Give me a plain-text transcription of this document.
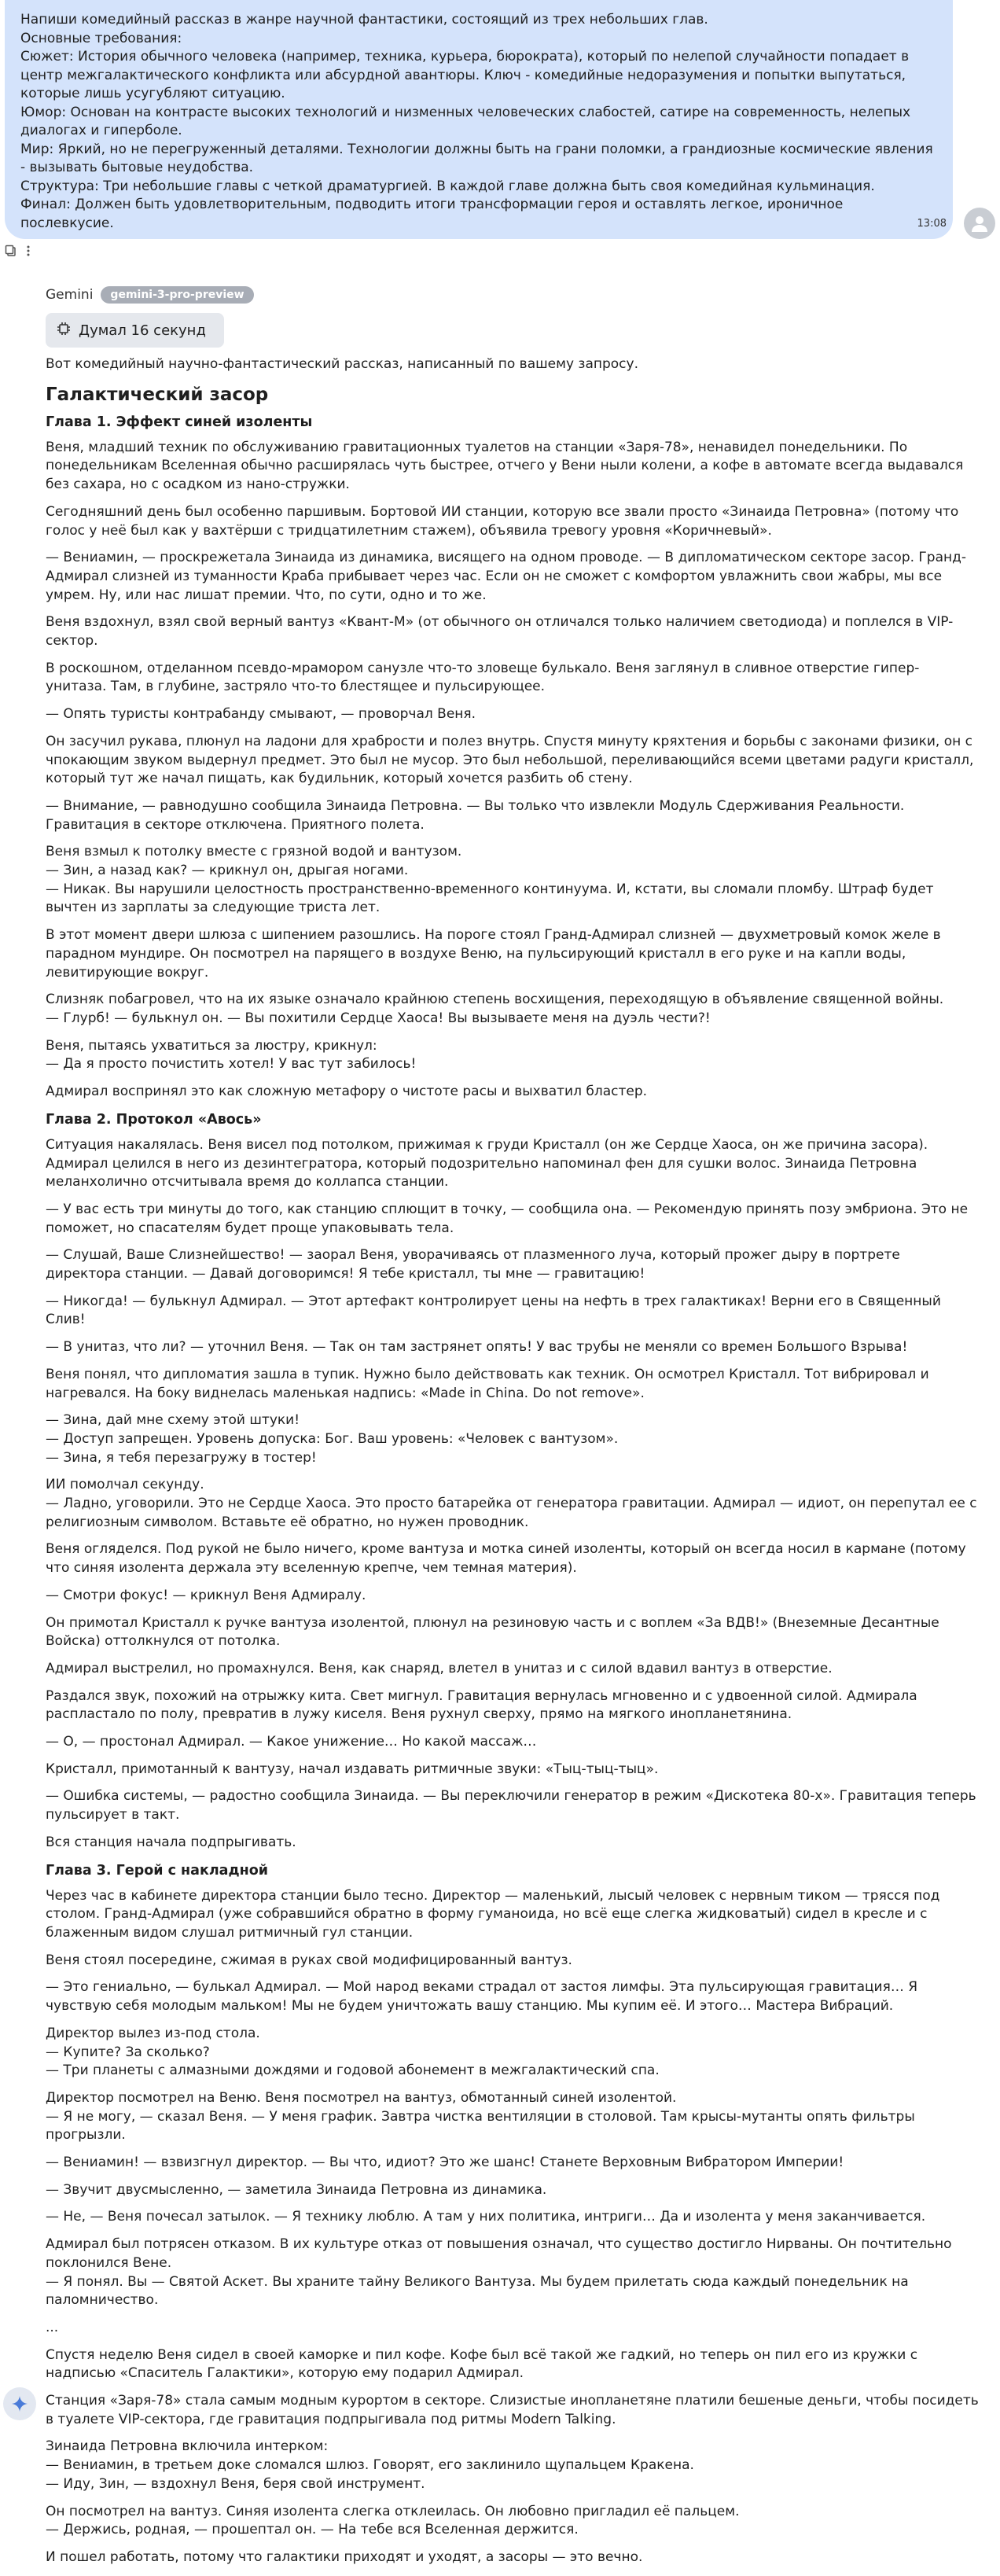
Напиши комедийный рассказ в жанре научной фантастики, состоящий из трех небольших глав.
Основные требования:
Сюжет: История обычного человека (например, техника, курьера, бюрократа), который по нелепой случайности попадает в центр межгалактического конфликта или абсурдной авантюры. Ключ - комедийные недоразумения и попытки выпутаться, которые лишь усугубляют ситуацию.
Юмор: Основан на контрасте высоких технологий и низменных человеческих слабостей, сатире на современность, нелепых диалогах и гиперболе.
Мир: Яркий, но не перегруженный деталями. Технологии должны быть на грани поломки, а грандиозные космические явления - вызывать бытовые неудобства.
Структура: Три небольшие главы с четкой драматургией. В каждой главе должна быть своя комедийная кульминация.
Финал: Должен быть удовлетворительным, подводить итоги трансформации героя и оставлять легкое, ироничное послевкусие.	13:08
Gemini	gemini-3-pro-preview
Думал 16 секунд

Вот комедийный научно-фантастический рассказ, написанный по вашему запросу.

Галактический засор
Глава 1. Эффект синей изоленты

Веня, младший техник по обслуживанию гравитационных туалетов на станции «Заря-78», ненавидел понедельники. По понедельникам Вселенная обычно расширялась чуть быстрее, отчего у Вени ныли колени, а кофе в автомате всегда выдавался без сахара, но с осадком из нано-стружки.

Сегодняшний день был особенно паршивым. Бортовой ИИ станции, которую все звали просто «Зинаида Петровна» (потому что голос у неё был как у вахтёрши с тридцатилетним стажем), объявила тревогу уровня «Коричневый».

— Вениамин, — проскрежетала Зинаида из динамика, висящего на одном проводе. — В дипломатическом секторе засор. Гранд-Адмирал слизней из туманности Краба прибывает через час. Если он не сможет с комфортом увлажнить свои жабры, мы все умрем. Ну, или нас лишат премии. Что, по сути, одно и то же.

Веня вздохнул, взял свой верный вантуз «Квант-М» (от обычного он отличался только наличием светодиода) и поплелся в VIP-сектор.

В роскошном, отделанном псевдо-мрамором санузле что-то зловеще булькало. Веня заглянул в сливное отверстие гипер-унитаза. Там, в глубине, застряло что-то блестящее и пульсирующее.

— Опять туристы контрабанду смывают, — проворчал Веня.

Он засучил рукава, плюнул на ладони для храбрости и полез внутрь. Спустя минуту кряхтения и борьбы с законами физики, он с чпокающим звуком выдернул предмет. Это был не мусор. Это был небольшой, переливающийся всеми цветами радуги кристалл, который тут же начал пищать, как будильник, который хочется разбить об стену.

— Внимание, — равнодушно сообщила Зинаида Петровна. — Вы только что извлекли Модуль Сдерживания Реальности. Гравитация в секторе отключена. Приятного полета.

Веня взмыл к потолку вместе с грязной водой и вантузом.
— Зин, а назад как? — крикнул он, дрыгая ногами.
— Никак. Вы нарушили целостность пространственно-временного континуума. И, кстати, вы сломали пломбу. Штраф будет вычтен из зарплаты за следующие триста лет.

В этот момент двери шлюза с шипением разошлись. На пороге стоял Гранд-Адмирал слизней — двухметровый комок желе в парадном мундире. Он посмотрел на парящего в воздухе Веню, на пульсирующий кристалл в его руке и на капли воды, левитирующие вокруг.

Слизняк побагровел, что на их языке означало крайнюю степень восхищения, переходящую в объявление священной войны.
— Глурб! — булькнул он. — Вы похитили Сердце Хаоса! Вы вызываете меня на дуэль чести?!

Веня, пытаясь ухватиться за люстру, крикнул:
— Да я просто почистить хотел! У вас тут забилось!

Адмирал воспринял это как сложную метафору о чистоте расы и выхватил бластер.

Глава 2. Протокол «Авось»

Ситуация накалялась. Веня висел под потолком, прижимая к груди Кристалл (он же Сердце Хаоса, он же причина засора). Адмирал целился в него из дезинтегратора, который подозрительно напоминал фен для сушки волос. Зинаида Петровна меланхолично отсчитывала время до коллапса станции.

— У вас есть три минуты до того, как станцию сплющит в точку, — сообщила она. — Рекомендую принять позу эмбриона. Это не поможет, но спасателям будет проще упаковывать тела.

— Слушай, Ваше Слизнейшество! — заорал Веня, уворачиваясь от плазменного луча, который прожег дыру в портрете директора станции. — Давай договоримся! Я тебе кристалл, ты мне — гравитацию!

— Никогда! — булькнул Адмирал. — Этот артефакт контролирует цены на нефть в трех галактиках! Верни его в Священный Слив!

— В унитаз, что ли? — уточнил Веня. — Так он там застрянет опять! У вас трубы не меняли со времен Большого Взрыва!

Веня понял, что дипломатия зашла в тупик. Нужно было действовать как техник. Он осмотрел Кристалл. Тот вибрировал и нагревался. На боку виднелась маленькая надпись: «Made in China. Do not remove».

— Зина, дай мне схему этой штуки!
— Доступ запрещен. Уровень допуска: Бог. Ваш уровень: «Человек с вантузом».
— Зина, я тебя перезагружу в тостер!

ИИ помолчал секунду.
— Ладно, уговорили. Это не Сердце Хаоса. Это просто батарейка от генератора гравитации. Адмирал — идиот, он перепутал ее с религиозным символом. Вставьте её обратно, но нужен проводник.

Веня огляделся. Под рукой не было ничего, кроме вантуза и мотка синей изоленты, который он всегда носил в кармане (потому что синяя изолента держала эту вселенную крепче, чем темная материя).

— Смотри фокус! — крикнул Веня Адмиралу.

Он примотал Кристалл к ручке вантуза изолентой, плюнул на резиновую часть и с воплем «За ВДВ!» (Внеземные Десантные Войска) оттолкнулся от потолка.

Адмирал выстрелил, но промахнулся. Веня, как снаряд, влетел в унитаз и с силой вдавил вантуз в отверстие.

Раздался звук, похожий на отрыжку кита. Свет мигнул. Гравитация вернулась мгновенно и с удвоенной силой. Адмирала распластало по полу, превратив в лужу киселя. Веня рухнул сверху, прямо на мягкого инопланетянина.

— О, — простонал Адмирал. — Какое унижение… Но какой массаж…

Кристалл, примотанный к вантузу, начал издавать ритмичные звуки: «Тыц-тыц-тыц».

— Ошибка системы, — радостно сообщила Зинаида. — Вы переключили генератор в режим «Дискотека 80-х». Гравитация теперь пульсирует в такт.

Вся станция начала подпрыгивать.

Глава 3. Герой с накладной

Через час в кабинете директора станции было тесно. Директор — маленький, лысый человек с нервным тиком — трясся под столом. Гранд-Адмирал (уже собравшийся обратно в форму гуманоида, но всё еще слегка жидковатый) сидел в кресле и с блаженным видом слушал ритмичный гул станции.

Веня стоял посередине, сжимая в руках свой модифицированный вантуз.

— Это гениально, — булькал Адмирал. — Мой народ веками страдал от застоя лимфы. Эта пульсирующая гравитация… Я чувствую себя молодым мальком! Мы не будем уничтожать вашу станцию. Мы купим её. И этого… Мастера Вибраций.

Директор вылез из-под стола.
— Купите? За сколько?
— Три планеты с алмазными дождями и годовой абонемент в межгалактический спа.

Директор посмотрел на Веню. Веня посмотрел на вантуз, обмотанный синей изолентой.
— Я не могу, — сказал Веня. — У меня график. Завтра чистка вентиляции в столовой. Там крысы-мутанты опять фильтры прогрызли.

— Вениамин! — взвизгнул директор. — Вы что, идиот? Это же шанс! Станете Верховным Вибратором Империи!

— Звучит двусмысленно, — заметила Зинаида Петровна из динамика.

— Не, — Веня почесал затылок. — Я технику люблю. А там у них политика, интриги… Да и изолента у меня заканчивается.

Адмирал был потрясен отказом. В их культуре отказ от повышения означал, что существо достигло Нирваны. Он почтительно поклонился Вене.
— Я понял. Вы — Святой Аскет. Вы храните тайну Великого Вантуза. Мы будем прилетать сюда каждый понедельник на паломничество.

...

Спустя неделю Веня сидел в своей каморке и пил кофе. Кофе был всё такой же гадкий, но теперь он пил его из кружки с надписью «Спаситель Галактики», которую ему подарил Адмирал.

Станция «Заря-78» стала самым модным курортом в секторе. Слизистые инопланетяне платили бешеные деньги, чтобы посидеть в туалете VIP-сектора, где гравитация подпрыгивала под ритмы Modern Talking.

Зинаида Петровна включила интерком:
— Вениамин, в третьем доке сломался шлюз. Говорят, его заклинило щупальцем Кракена.
— Иду, Зин, — вздохнул Веня, беря свой инструмент.

Он посмотрел на вантуз. Синяя изолента слегка отклеилась. Он любовно пригладил её пальцем.
— Держись, родная, — прошептал он. — На тебе вся Вселенная держится.

И пошел работать, потому что галактики приходят и уходят, а засоры — это вечно.
